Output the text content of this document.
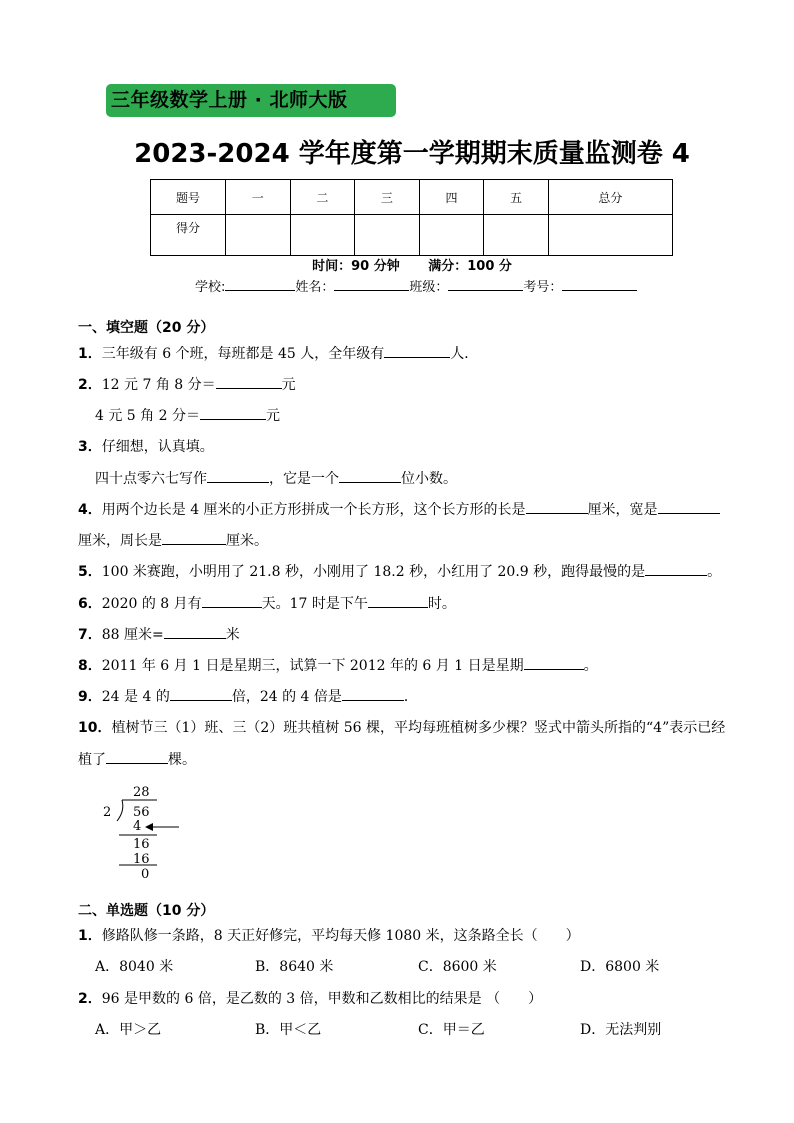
三年级数学上册 · 北师大版
2023-2024 学年度第一学期期末质量监测卷 4
题号	一	二	三	四	五	总分
得分						
时间：90 分钟 满分：100 分
学校:	姓名：	班级：	考号：
一、填空题（20 分）
1．三年级有 6 个班，每班都是 45 人，全年级有	人．
2．12 元 7 角 8 分＝	元
4 元 5 角 2 分＝	元
3．仔细想，认真填。
四十点零六七写作	，它是一个	位小数。
4．用两个边长是 4 厘米的小正方形拼成一个长方形，这个长方形的长是	厘米，宽是
厘米，周长是	厘米。
5．100 米赛跑，小明用了 21.8 秒，小刚用了 18.2 秒，小红用了 20.9 秒，跑得最慢的是	。
6．2020 的 8 月有	天。17 时是下午	时。
7．88 厘米=	米
8．2011 年 6 月 1 日是星期三，试算一下 2012 年的 6 月 1 日是星期	。
9．24 是 4 的	倍，24 的 4 倍是	．
10．植树节三（1）班、三（2）班共植树 56 棵，平均每班植树多少棵？竖式中箭头所指的“4”表示已经
植了	棵。
28
2 56
4
16
16
0
二、单选题（10 分）
1．修路队修一条路，8 天正好修完，平均每天修 1080 米，这条路全长（　　）
A．8040 米	B．8640 米	C．8600 米	D．6800 米
2．96 是甲数的 6 倍，是乙数的 3 倍，甲数和乙数相比的结果是 （　　）
A．甲＞乙	B．甲＜乙	C．甲＝乙	D．无法判别
